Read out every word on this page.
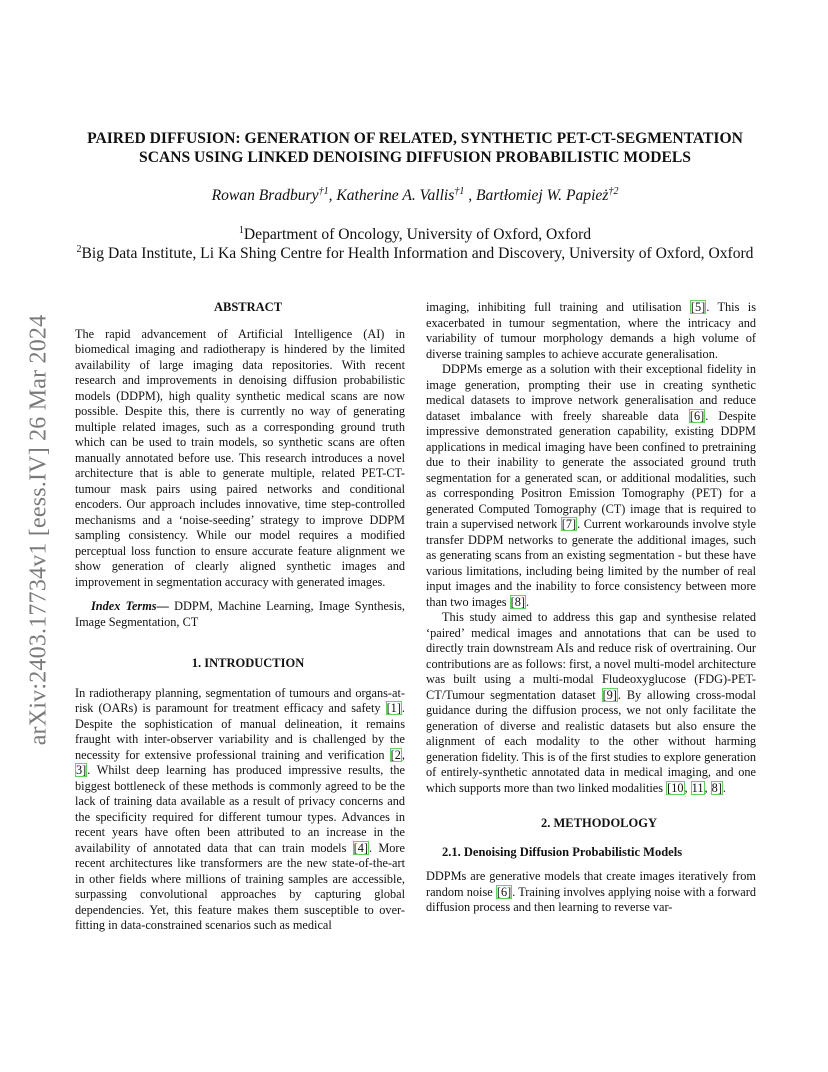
arXiv:2403.17734v1 [eess.IV] 26 Mar 2024
PAIRED DIFFUSION: GENERATION OF RELATED, SYNTHETIC PET-CT-SEGMENTATION
SCANS USING LINKED DENOISING DIFFUSION PROBABILISTIC MODELS
Rowan Bradbury$^{\dagger 1}$, Katherine A. Vallis$^{\dagger 1}$ , Bartłomiej W. Papież$^{\dagger 2}$
$^1$Department of Oncology, University of Oxford, Oxford
$^2$Big Data Institute, Li Ka Shing Centre for Health Information and Discovery, University of Oxford, Oxford

ABSTRACT

The rapid advancement of Artificial Intelligence (AI) in biomedical imaging and radiotherapy is hindered by the limited availability of large imaging data repositories. With recent research and improvements in denoising diffusion probabilistic models (DDPM), high quality synthetic medical scans are now possible. Despite this, there is currently no way of generating multiple related images, such as a corresponding ground truth which can be used to train models, so synthetic scans are often manually annotated before use. This research introduces a novel architecture that is able to generate multiple, related PET-CT-tumour mask pairs using paired networks and conditional encoders. Our approach includes innovative, time step-controlled mechanisms and a ‘noise-seeding’ strategy to improve DDPM sampling consistency. While our model requires a modified perceptual loss function to ensure accurate feature alignment we show generation of clearly aligned synthetic images and improvement in segmentation accuracy with generated images.

Index Terms— DDPM, Machine Learning, Image Synthesis, Image Segmentation, CT

1. INTRODUCTION

In radiotherapy planning, segmentation of tumours and organs-at-risk (OARs) is paramount for treatment efficacy and safety [1]. Despite the sophistication of manual delineation, it remains fraught with inter-observer variability and is challenged by the necessity for extensive professional training and verification [2, 3]. Whilst deep learning has produced impressive results, the biggest bottleneck of these methods is commonly agreed to be the lack of training data available as a result of privacy concerns and the specificity required for different tumour types. Advances in recent years have often been attributed to an increase in the availability of annotated data that can train models [4]. More recent architectures like transformers are the new state-of-the-art in other fields where millions of training samples are accessible, surpassing convolutional approaches by capturing global dependencies. Yet, this feature makes them susceptible to over-fitting in data-constrained scenarios such as medical

imaging, inhibiting full training and utilisation [5]. This is exacerbated in tumour segmentation, where the intricacy and variability of tumour morphology demands a high volume of diverse training samples to achieve accurate generalisation.

DDPMs emerge as a solution with their exceptional fidelity in image generation, prompting their use in creating synthetic medical datasets to improve network generalisation and reduce dataset imbalance with freely shareable data [6]. Despite impressive demonstrated generation capability, existing DDPM applications in medical imaging have been confined to pretraining due to their inability to generate the associated ground truth segmentation for a generated scan, or additional modalities, such as corresponding Positron Emission Tomography (PET) for a generated Computed Tomography (CT) image that is required to train a supervised network [7]. Current workarounds involve style transfer DDPM networks to generate the additional images, such as generating scans from an existing segmentation - but these have various limitations, including being limited by the number of real input images and the inability to force consistency between more than two images [8].

This study aimed to address this gap and synthesise related ‘paired’ medical images and annotations that can be used to directly train downstream AIs and reduce risk of overtraining. Our contributions are as follows: first, a novel multi-model architecture was built using a multi-modal Fludeoxyglucose (FDG)-PET-CT/Tumour segmentation dataset [9]. By allowing cross-modal guidance during the diffusion process, we not only facilitate the generation of diverse and realistic datasets but also ensure the alignment of each modality to the other without harming generation fidelity. This is of the first studies to explore generation of entirely-synthetic annotated data in medical imaging, and one which supports more than two linked modalities [10, 11, 8].

2. METHODOLOGY

2.1. Denoising Diffusion Probabilistic Models

DDPMs are generative models that create images iteratively from random noise [6]. Training involves applying noise with a forward diffusion process and then learning to reverse var-
